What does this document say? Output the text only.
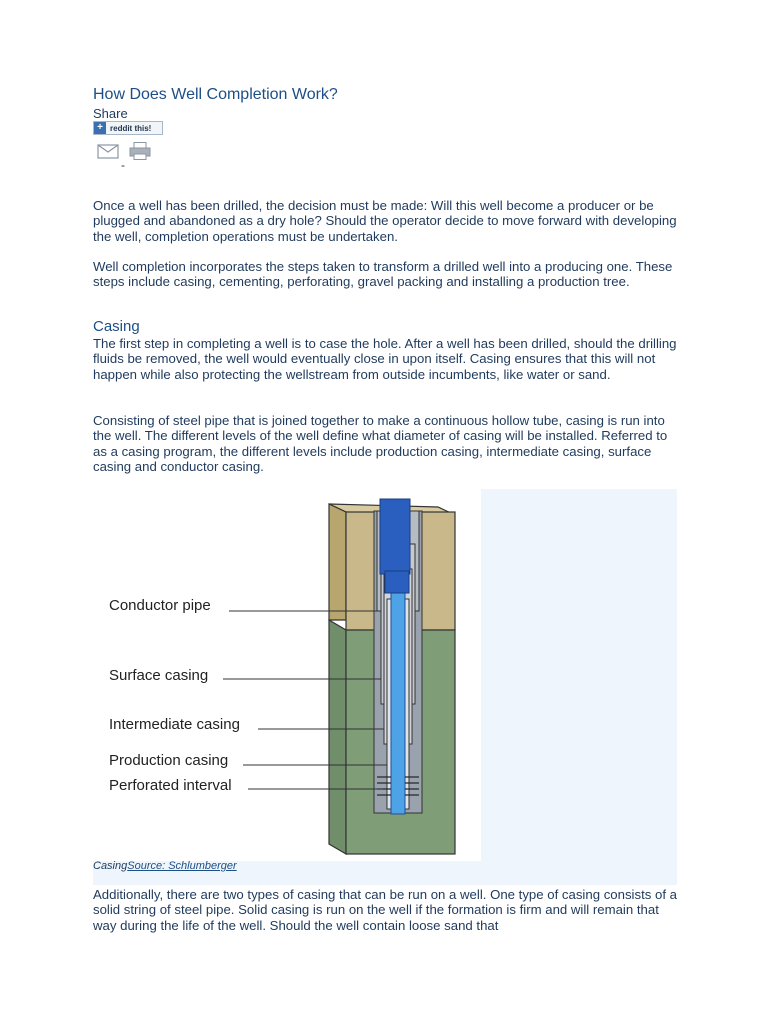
How Does Well Completion Work?
Share
+ reddit this!
-

Once a well has been drilled, the decision must be made: Will this well become a producer or be plugged and abandoned as a dry hole? Should the operator decide to move forward with developing the well, completion operations must be undertaken.

Well completion incorporates the steps taken to transform a drilled well into a producing one. These steps include casing, cementing, perforating, gravel packing and installing a production tree.

Casing

The first step in completing a well is to case the hole. After a well has been drilled, should the drilling fluids be removed, the well would eventually close in upon itself. Casing ensures that this will not happen while also protecting the wellstream from outside incumbents, like water or sand.

Consisting of steel pipe that is joined together to make a continuous hollow tube, casing is run into the well. The different levels of the well define what diameter of casing will be installed. Referred to as a casing program, the different levels include production casing, intermediate casing, surface casing and conductor casing.

Conductor pipe
Surface casing
Intermediate casing
Production casing
Perforated interval
CasingSource: Schlumberger

Additionally, there are two types of casing that can be run on a well. One type of casing consists of a solid string of steel pipe. Solid casing is run on the well if the formation is firm and will remain that way during the life of the well. Should the well contain loose sand that
